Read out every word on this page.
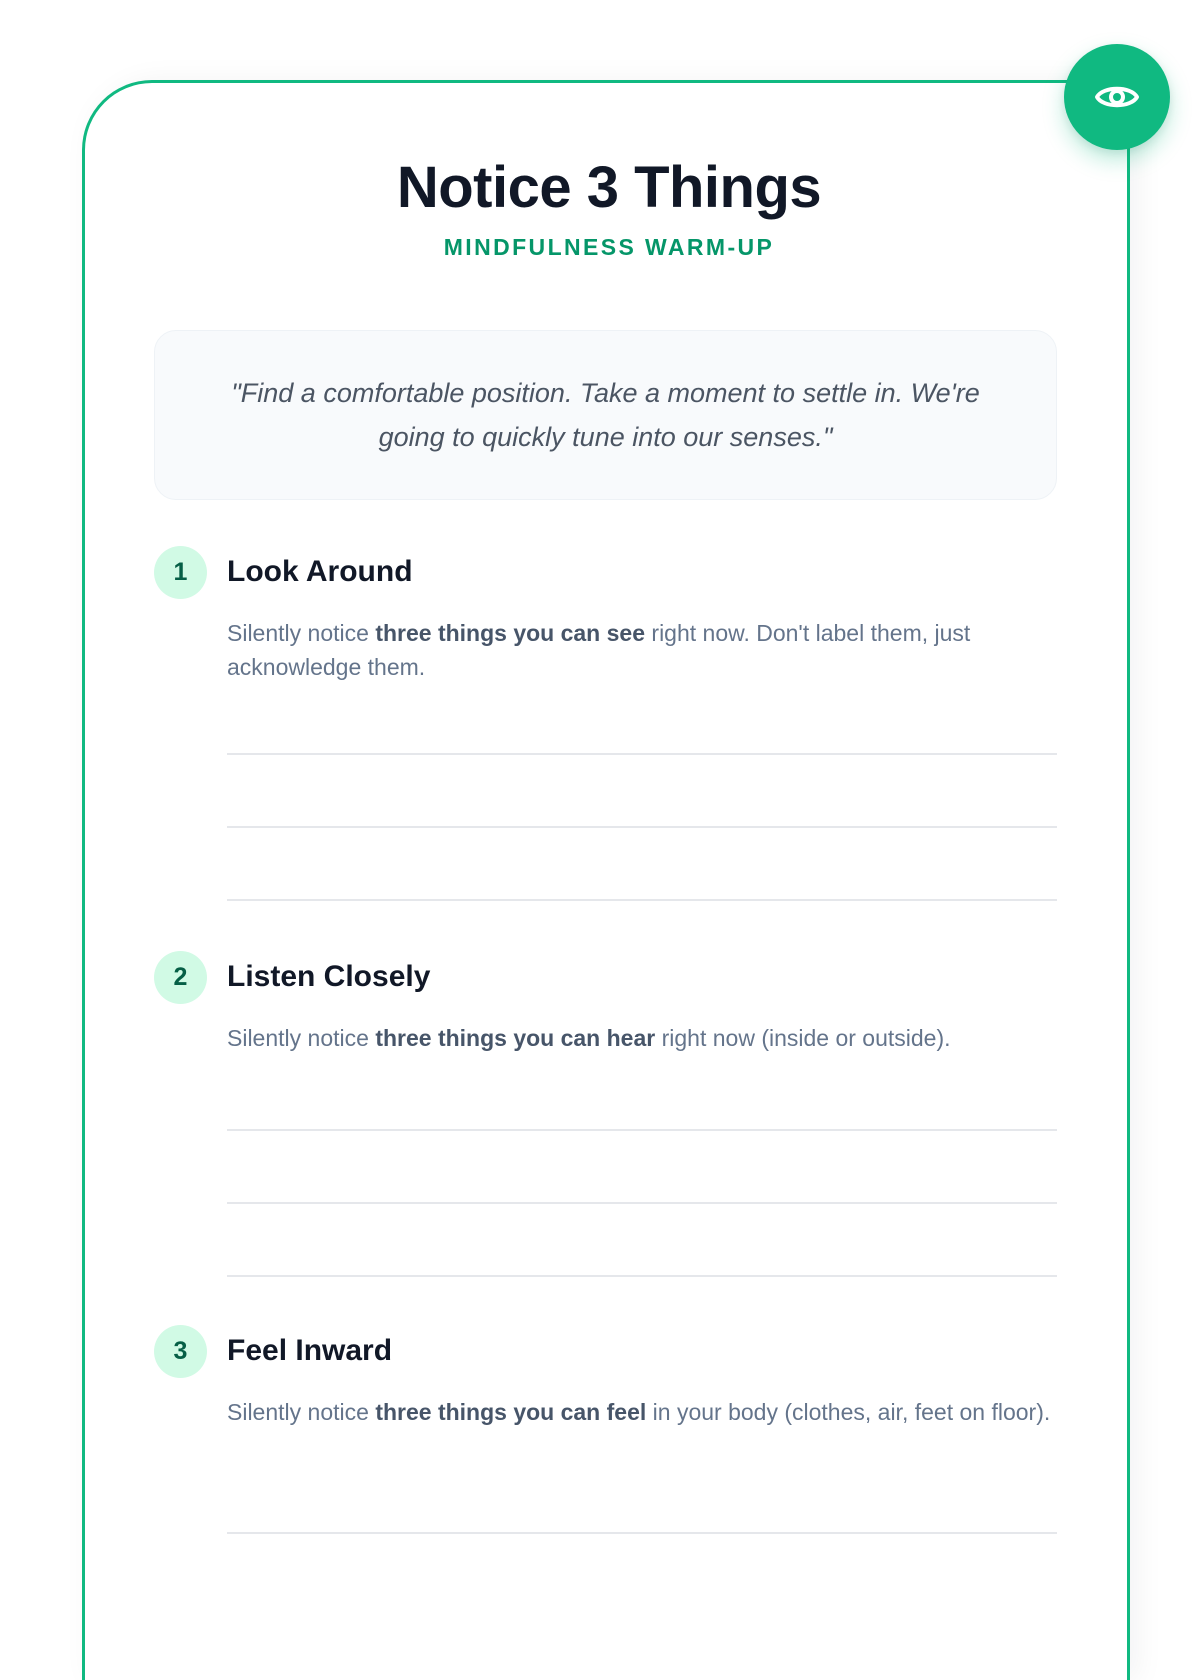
Notice 3 Things
MINDFULNESS WARM-UP

"Find a comfortable position. Take a moment to settle in. We're going to quickly tune into our senses."

1	Look Around

Silently notice three things you can see right now. Don't label them, just acknowledge them.

2	Listen Closely

Silently notice three things you can hear right now (inside or outside).

3	Feel Inward

Silently notice three things you can feel in your body (clothes, air, feet on floor).
